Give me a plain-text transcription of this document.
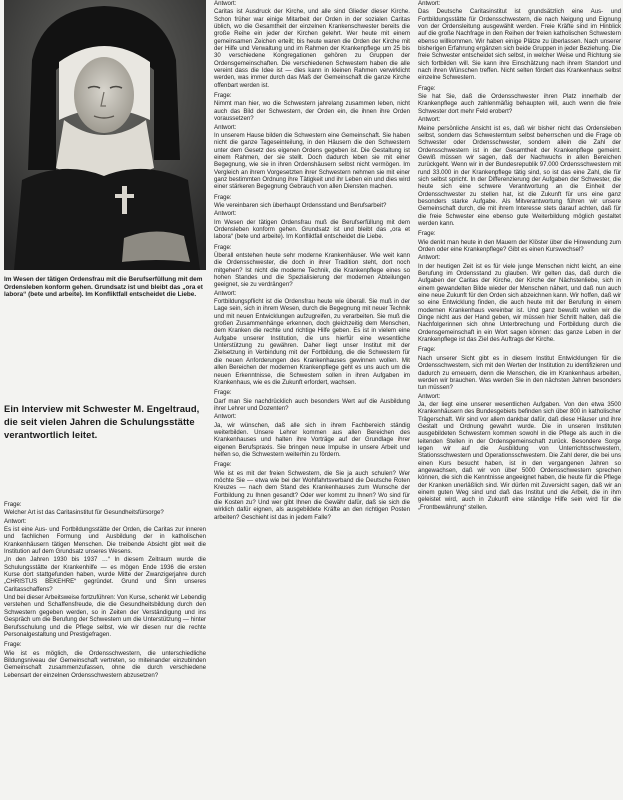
Im Wesen der tätigen Ordensfrau mit die Berufserfüllung mit dem Ordensleben konform gehen. Grundsatz ist und bleibt das „ora et labora“ (bete und arbeite). Im Konfliktfall entscheidet die Liebe.
Ein Interview mit Schwester M. Engeltraud, die seit vielen Jahren die Schulungsstätte verantwortlich leitet.

Frage:

Welcher Art ist das Caritasinstitut für Gesundheitsfürsorge?

Antwort:

Es ist eine Aus- und Fortbildungsstätte der Orden, die Caritas zur inneren und fachlichen Formung und Ausbildung der in katholischen Krankenhäusern tätigen Menschen. Die treibende Absicht gibt weit die Institution auf dem Grundsatz unseres Wesens.

„In den Jahren 1930 bis 1937 …“ In diesem Zeitraum wurde die Schulungsstätte der Krankenhilfe — es mögen Ende 1936 die ersten Kurse dort stattgefunden haben, wurde Mitte der Zwanzigerjahre durch „CHRISTUS BEKEHRE“ gegründet. Grund und Sinn unseres Caritasschaffens?

Und bei dieser Arbeitsweise fortzuführen: Von Kurse, schenkt wir Lebendig verstehen und Schaffensfreude, die die Gesundheitsbildung durch den Schwestern gegeben werden, so in Zeiten der Verständigung und ins Gespräch um die Berufung der Schwestern um die Unterstützung — hinter Berufsschulung und die Pflege selbst, wie wir diesen nur die rechte Personalgestaltung und Prestigefragen.

Frage:

Wie ist es möglich, die Ordensschwestern, die unterschiedliche Bildungsniveau der Gemeinschaft vertreten, so miteinander einzubinden Gemeinschaft zusammenzufassen, ohne die durch verschiedene Lebensart der einzelnen Ordensschwestern abzusetzen?

Antwort:

Caritas ist Ausdruck der Kirche, und alle sind Glieder dieser Kirche. Schon früher war einige Mitarbeit der Orden in der sozialen Caritas üblich, wo die Gesamtheit der einzelnen Krankenschwester bereits die große Reihe ein jeder der Kirchen gelehrt. Wer heute mit einem gemeinsamen Zeichen erteilt; bis heute waren die Orden der Kirche mit der Hilfe und Verwaltung und im Rahmen der Krankenpflege um 25 bis 30 verschiedene Kongregationen gehören zu Gruppen der Ordensgemeinschaften. Die verschiedenen Schwestern haben die alle vereint dass die Idee ist — dies kann in kleinen Rahmen verwirklicht werden, was immer durch das Maß der Gemeinschaft die ganze Kirche offenbart werden ist.

Frage:

Nimmt man hier, wo die Schwestern jahrelang zusammen leben, nicht auch das Bild der Schwestern, der Orden ein, die ihnen ihre Orden voraussetzen?

Antwort:

In unserem Hause bilden die Schwestern eine Gemeinschaft. Sie haben nicht die ganze Tageseinteilung, in den Häusern die den Schwestern unter dem Gesetz des eigenen Ordens gegeben ist. Die Gestaltung ist einem Rahmen, der sie stellt. Doch dadurch leben sie mit einer Begegnung, wie sie in ihren Ordenshäusern selbst nicht vermögen. Im Vergleich an ihrem Vorgesetzten ihrer Schwestern nehmen sie mit einer ganz bestimmten Ordnung ihre Tätigkeit und ihr Leben ein und dies wird einer stärkeren Begegnung Gebrauch von allen Diensten machen.

Frage:

Wie vereinbaren sich überhaupt Ordensstand und Berufsarbeit?

Antwort:

Im Wesen der tätigen Ordensfrau muß die Berufserfüllung mit dem Ordensleben konform gehen. Grundsatz ist und bleibt das „ora et labora“ (bete und arbeite). Im Konfliktfall entscheidet die Liebe.

Frage:

Überall entstehen heute sehr moderne Krankenhäuser. Wie weit kann die Ordensschwester, die doch in ihrer Tradition steht, dort noch mitgehen? Ist nicht die moderne Technik, die Krankenpflege eines so hohen Standes und die Spezialisierung der modernen Abteilungen geeignet, sie zu verdrängen?

Antwort:

Fortbildungspflicht ist die Ordensfrau heute wie überall. Sie muß in der Lage sein, sich in ihrem Wesen, durch die Begegnung mit neuer Technik und mit neuen Entwicklungen aufzugreifen, zu verarbeiten. Sie muß die großen Zusammenhänge erkennen, doch gleichzeitig dem Menschen, dem Kranken die rechte und richtige Hilfe geben. Es ist in vielem eine Aufgabe unserer Institution, die uns hierfür eine wesentliche Unterstützung zu gewähren. Daher liegt unser Institut mit der Zielsetzung in Verbindung mit der Fortbildung, die die Schwestern für die neuen Anforderungen des Krankenhauses gewinnen wollen. Mit allen Bereichen der modernen Krankenpflege geht es uns auch um die neuen Erkenntnisse, die Schwestern sollen in ihren Aufgaben im Krankenhaus, wie es die Zukunft erfordert, wachsen.

Frage:

Darf man Sie nachdrücklich auch besonders Wert auf die Ausbildung ihrer Lehrer und Dozenten?

Antwort:

Ja, wir wünschen, daß alle sich in ihrem Fachbereich ständig weiterbilden. Unsere Lehrer kommen aus allen Bereichen des Krankenhauses und halten ihre Vorträge auf der Grundlage ihrer eigenen Berufspraxis. Sie bringen neue Impulse in unsere Arbeit und helfen so, die Schwestern weiterhin zu fördern.

Frage:

Wie ist es mit der freien Schwestern, die Sie ja auch schulen? Wer möchte Sie — etwa wie bei der Wohlfahrtsverband die Deutsche Roten Kreuzes — nach dem Stand des Krankenhauses zum Wunsche der Fortbildung zu Ihnen gesandt? Oder wer kommt zu Ihnen? Wo sind für die Kosten zu? Und wer gibt Ihnen die Gewähr dafür, daß sie sich die wirklich dafür eignen, als ausgebildete Kräfte an den richtigen Posten arbeiten? Geschieht ist das in jedem Falle?

Antwort:

Das Deutsche Caritasinstitut ist grundsätzlich eine Aus- und Fortbildungsstätte für Ordensschwestern, die nach Neigung und Eignung von der Ordensleitung ausgewählt werden. Freie Kräfte sind im Hinblick auf die große Nachfrage in den Reihen der freien katholischen Schwestern ebenso willkommen. Wir haben einige Plätze zu überlassen. Nach unserer bisherigen Erfahrung ergänzen sich beide Gruppen in jeder Beziehung. Die freie Schwester entscheidet sich selbst, in welcher Weise und Richtung sie sich fortbilden will. Sie kann ihre Einschätzung nach ihrem Standort und nach ihren Wünschen treffen. Nicht selten fördert das Krankenhaus selbst einzelne Schwestern.

Frage:

Sie hat Sie, daß die Ordensschwester ihren Platz innerhalb der Krankenpflege auch zahlenmäßig behaupten will, auch wenn die freie Schwester dort mehr Feld erobert?

Antwort:

Meine persönliche Ansicht ist es, daß wir bisher nicht das Ordensleben selbst, sondern das Schwesterntum selbst beherrschen und die Frage ob Schwester oder Ordensschwester, sondern allein die Zahl der Ordensschwestern ist in der Gesamtheit der Krankenpflege gemeint. Gewiß müssen wir sagen, daß der Nachwuchs in allen Bereichen zurückgeht. Wenn wir in der Bundesrepublik 97.000 Ordensschwestern mit rund 33.000 in der Krankenpflege tätig sind, so ist das eine Zahl, die für sich selbst spricht. In der Differenzierung der Aufgaben der Schwester, die heute sich eine schwere Verantwortung an die Einheit der Ordensschwester zu stellen hat, ist die Zukunft für uns eine ganz besonders starke Aufgabe. Als Mitverantwortung führen wir unsere Gemeinschaft durch, die mit ihrem Interesse stets darauf achten, daß für die freie Schwester eine ebenso gute Weiterbildung möglich gestaltet werden kann.

Frage:

Wie denkt man heute in den Mauern der Klöster über die Hinwendung zum Orden oder eine Krankenpflege? Gibt es einen Kurswechsel?

Antwort:

In der heutigen Zeit ist es für viele junge Menschen nicht leicht, an eine Berufung im Ordensstand zu glauben. Wir gelten das, daß durch die Aufgaben der Caritas der Kirche, der Kirche der Nächstenliebe, sich in einem gewandelten Bilde wieder der Menschen nähert, und daß nun auch eine neue Zukunft für den Orden sich abzeichnen kann. Wir hoffen, daß wir so eine Entwicklung finden, die auch heute mit der Berufung in einem modernen Krankenhaus vereinbar ist. Und ganz bewußt wollen wir die Dinge nicht aus der Hand geben, wir müssen hier Schritt halten, daß die Nachfolgerinnen sich ohne Unterbrechung und Fortbildung durch die Ordensgemeinschaft in ein Wort sagen können: das ganze Leben in der Krankenpflege ist das Ziel des Auftrags der Kirche.

Frage:

Nach unserer Sicht gibt es in diesem Institut Entwicklungen für die Ordensschwestern, sich mit den Werten der Institution zu identifizieren und dadurch zu erneuern, denn die Menschen, die im Krankenhaus arbeiten, werden wir brauchen. Was werden Sie in den nächsten Jahren besonders tun müssen?

Antwort:

Ja, der liegt eine unserer wesentlichen Aufgaben. Von den etwa 3500 Krankenhäusern des Bundesgebiets befinden sich über 800 in katholischer Trägerschaft. Wir sind vor allem dankbar dafür, daß diese Häuser und ihre Gestalt und Ordnung gewahrt wurde. Die in unseren Instituten ausgebildeten Schwestern kommen sowohl in die Pflege als auch in die leitenden Stellen in der Ordensgemeinschaft zurück. Besondere Sorge legen wir auf die Ausbildung von Unterrichtsschwestern, Stationsschwestern und Operationsschwestern. Die Zahl derer, die bei uns einen Kurs besucht haben, ist in den vergangenen Jahren so angewachsen, daß wir von über 5000 Ordensschwestern sprechen können, die sich die Kenntnisse angeeignet haben, die heute für die Pflege der Kranken unerläßlich sind. Wir dürfen mit Zuversicht sagen, daß wir an einem guten Weg sind und daß das Institut und die Arbeit, die in ihm geleistet wird, auch in Zukunft eine ständige Hilfe sein wird für die „Frontbewährung“ stellen.
